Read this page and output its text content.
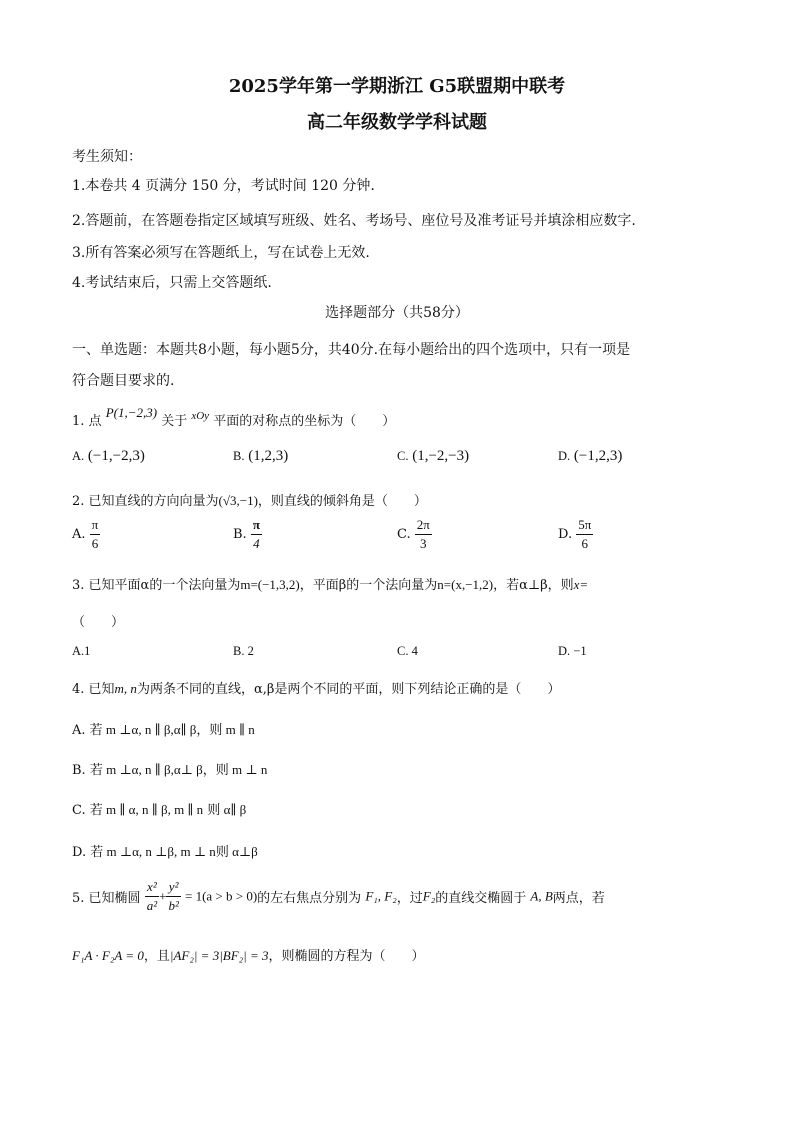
2025学年第一学期浙江 G5联盟期中联考
高二年级数学学科试题
考生须知：
1.本卷共 4 页满分 150 分，考试时间 120 分钟.
2.答题前，在答题卷指定区域填写班级、姓名、考场号、座位号及准考证号并填涂相应数字.
3.所有答案必须写在答题纸上，写在试卷上无效.
4.考试结束后，只需上交答题纸.
选择题部分（共58分）
一、单选题：本题共8小题，每小题5分，共40分.在每小题给出的四个选项中，只有一项是
符合题目要求的.
1. 点 P(1,−2,3) 关于 $^{xOy}$ 平面的对称点的坐标为（　　）
A. (−1,−2,3)	B. (1,2,3)	C. (1,−2,−3)	D. (−1,2,3)
2. 已知直线的方向向量为(√3,−1)，则直线的倾斜角是（　　）
A. $\frac{\pi}{6}$	B. $\frac{\pi}{4}$	C. $\frac{2\pi}{3}$	D. $\frac{5\pi}{6}$
3. 已知平面α的一个法向量为m=(−1,3,2)，平面β的一个法向量为n=(x,−1,2)，若α⊥β，则x=
（　　）
A.1	B. 2	C. 4	D. −1
4. 已知m, n为两条不同的直线，α,β是两个不同的平面，则下列结论正确的是（　　）
A. 若 m ⊥α, n ∥ β,α∥ β，则 m ∥ n
B. 若 m ⊥α, n ∥ β,α⊥ β，则 m ⊥ n
C. 若 m ∥ α, n ∥ β, m ∥ n 则 α∥ β
D. 若 m ⊥α, n ⊥β, m ⊥ n则 α⊥β
5. 已知椭圆 $\frac{\text{x²}}{\text{a²}} + \frac{\text{y²}}{\text{b²}} = 1(a > b > 0)$的左右焦点分别为 F₁, F₂，过F₂的直线交椭圆于 A, B两点，若
F₁A · F₂A = 0，且|AF₂| = 3|BF₂| = 3，则椭圆的方程为（　　）
